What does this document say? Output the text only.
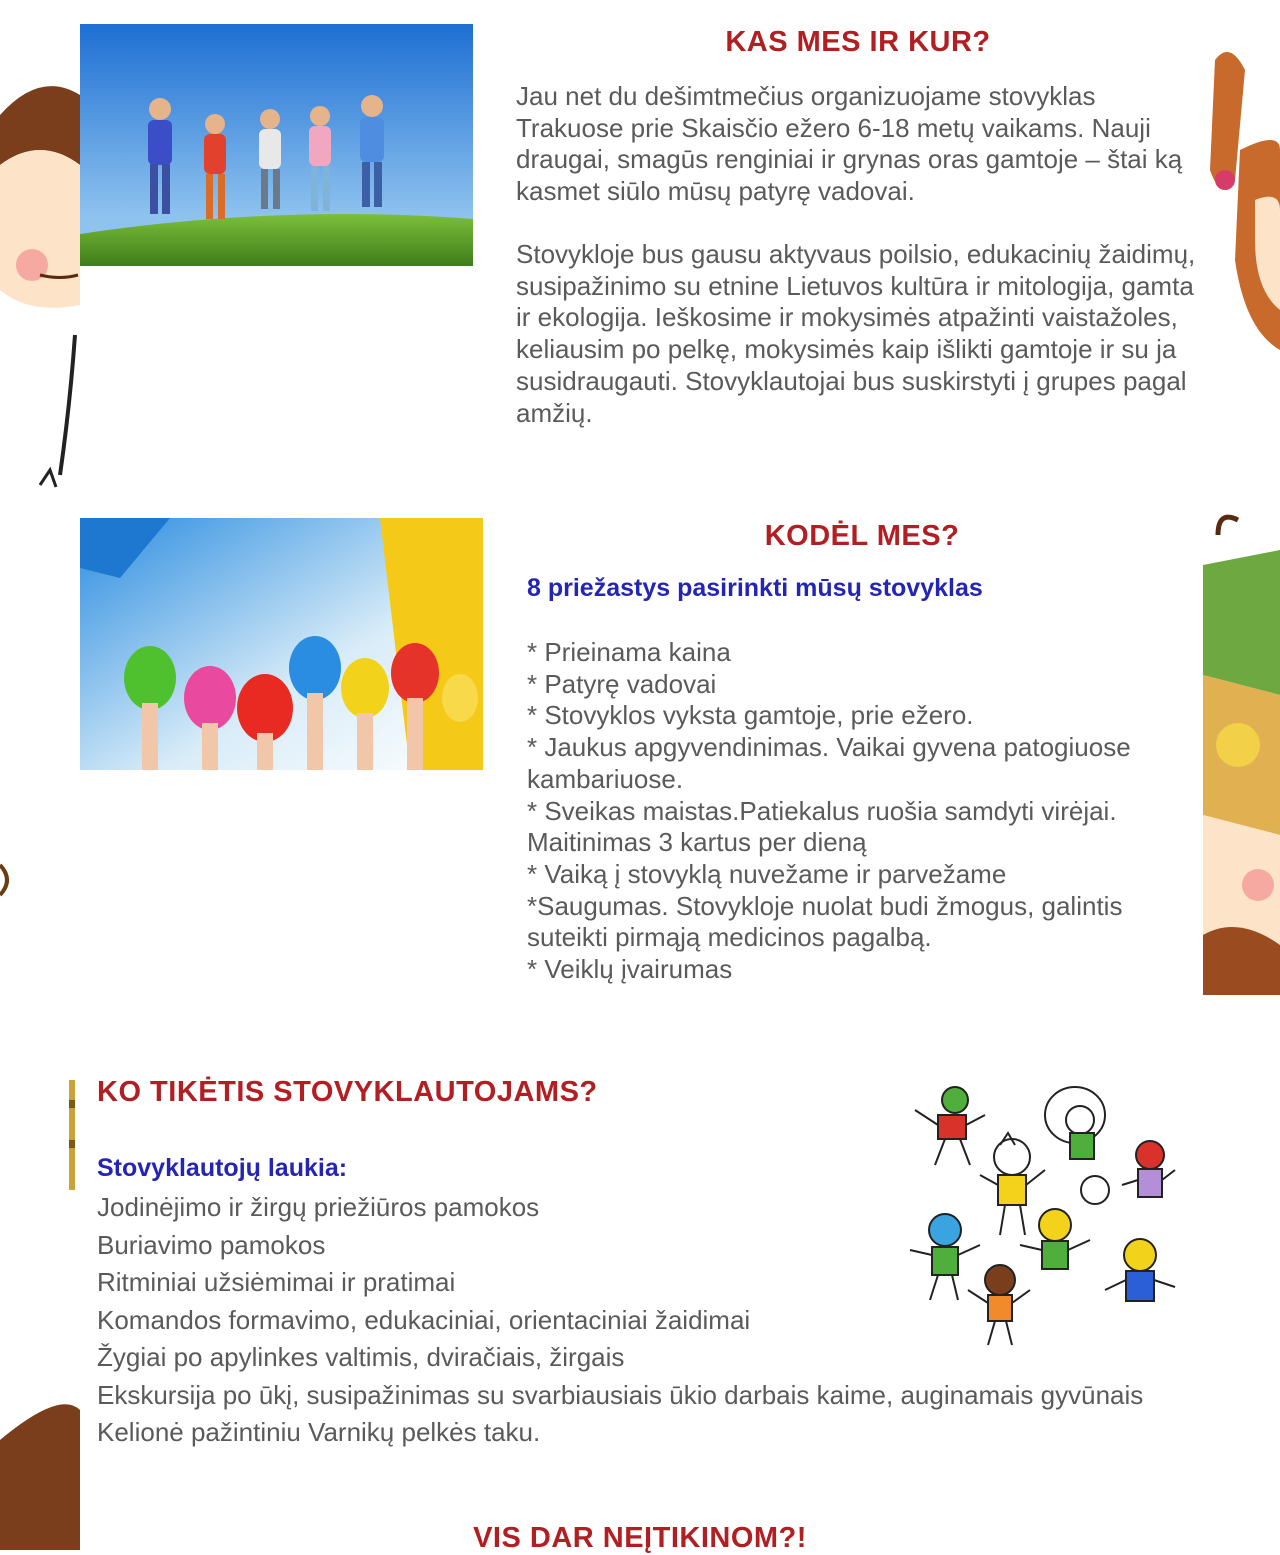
KAS MES IR KUR?

Jau net du dešimtmečius organizuojame stovyklas Trakuose prie Skaisčio ežero 6-18 metų vaikams. Nauji draugai, smagūs renginiai ir grynas oras gamtoje – štai ką kasmet siūlo mūsų patyrę vadovai.

Stovykloje bus gausu aktyvaus poilsio, edukacinių žaidimų, susipažinimo su etnine Lietuvos kultūra ir mitologija, gamta ir ekologija. Ieškosime ir mokysimės atpažinti vaistažoles, keliausim po pelkę, mokysimės kaip išlikti gamtoje ir su ja susidraugauti. Stovyklautojai bus suskirstyti į grupes pagal amžių.

KODĖL MES?
8 priežastys pasirinkti mūsų stovyklas
* Prieinama kaina
* Patyrę vadovai
* Stovyklos vyksta gamtoje, prie ežero.
* Jaukus apgyvendinimas. Vaikai gyvena patogiuose kambariuose.
* Sveikas maistas.Patiekalus ruošia samdyti virėjai. Maitinimas 3 kartus per dieną
* Vaiką į stovyklą nuvežame ir parvežame
*Saugumas. Stovykloje nuolat budi žmogus, galintis suteikti pirmąją medicinos pagalbą.
* Veiklų įvairumas
KO TIKĖTIS STOVYKLAUTOJAMS?
Stovyklautojų laukia:
Jodinėjimo ir žirgų priežiūros pamokos
Buriavimo pamokos
Ritminiai užsiėmimai ir pratimai
Komandos formavimo, edukaciniai, orientaciniai žaidimai
Žygiai po apylinkes valtimis, dviračiais, žirgais
Ekskursija po ūkį, susipažinimas su svarbiausiais ūkio darbais kaime, auginamais gyvūnais
Kelionė pažintiniu Varnikų pelkės taku.
VIS DAR NEĮTIKINOM?!
